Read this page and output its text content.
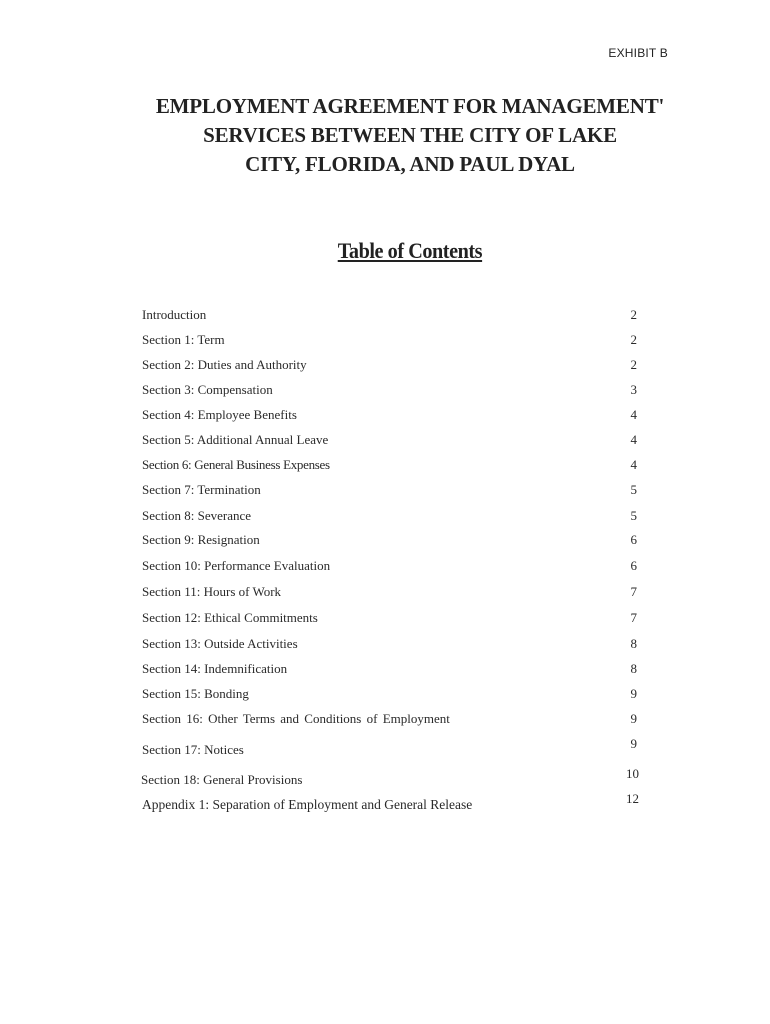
EXHIBIT B
EMPLOYMENT AGREEMENT FOR MANAGEMENT'
SERVICES BETWEEN THE CITY OF LAKE
CITY, FLORIDA, AND PAUL DYAL
Table of Contents
Introduction	2
Section 1: Term	2
Section 2: Duties and Authority	2
Section 3: Compensation	3
Section 4: Employee Benefits	4
Section 5: Additional Annual Leave	4
Section 6: General Business Expenses	4
Section 7: Termination	5
Section 8: Severance	5
Section 9: Resignation	6
Section 10: Performance Evaluation	6
Section 11: Hours of Work	7
Section 12: Ethical Commitments	7
Section 13: Outside Activities	8
Section 14: Indemnification	8
Section 15: Bonding	9
Section 16: Other Terms and Conditions of Employment	9
Section 17: Notices	9
Section 18: General Provisions	10
Appendix 1: Separation of Employment and General Release	12
